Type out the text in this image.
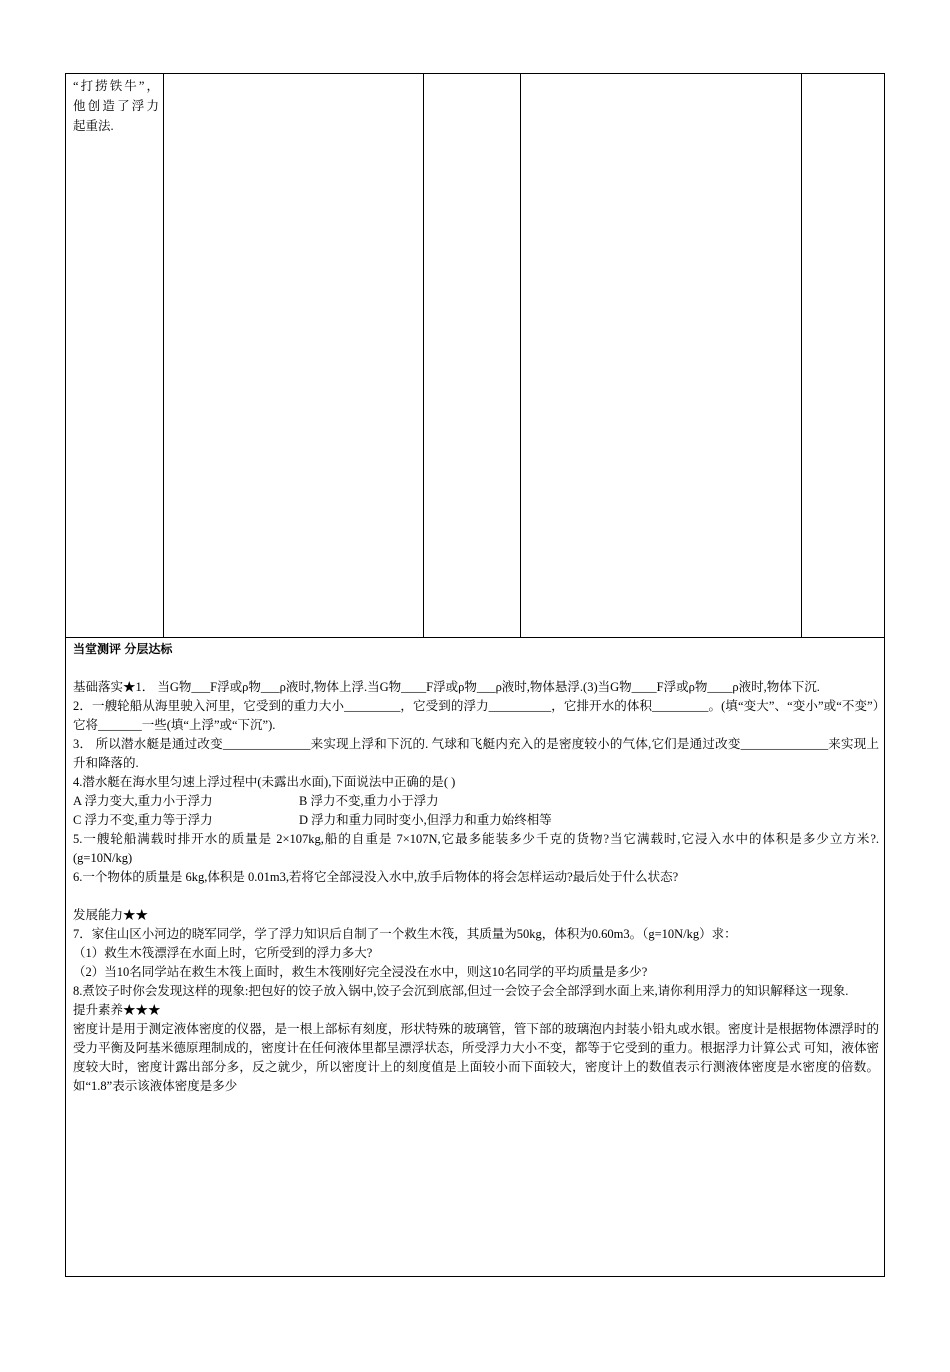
“打捞铁牛”，他创造了浮力起重法.

当堂测评 分层达标

基础落实★1． 当G物___F浮或ρ物___ρ液时,物体上浮.当G物____F浮或ρ物___ρ液时,物体悬浮.(3)当G物____F浮或ρ物____ρ液时,物体下沉.

2．一艘轮船从海里驶入河里，它受到的重力大小_________，它受到的浮力__________，它排开水的体积_________。(填“变大”、“变小”或“不变”）它将_______一些(填“上浮”或“下沉”).

3． 所以潜水艇是通过改变______________来实现上浮和下沉的. 气球和飞艇内充入的是密度较小的气体,它们是通过改变______________来实现上升和降落的.

4.潜水艇在海水里匀速上浮过程中(未露出水面),下面说法中正确的是( )

A 浮力变大,重力小于浮力	B 浮力不变,重力小于浮力
C 浮力不变,重力等于浮力	D 浮力和重力同时变小,但浮力和重力始终相等

5.一艘轮船满载时排开水的质量是 2×107kg,船的自重是 7×107N,它最多能装多少千克的货物?当它满载时,它浸入水中的体积是多少立方米?.(g=10N/kg)

6.一个物体的质量是 6kg,体积是 0.01m3,若将它全部浸没入水中,放手后物体的将会怎样运动?最后处于什么状态?

发展能力★★

7．家住山区小河边的晓军同学，学了浮力知识后自制了一个救生木筏，其质量为50kg，体积为0.60m3。（g=10N/kg）求：

（1）救生木筏漂浮在水面上时，它所受到的浮力多大?

（2）当10名同学站在救生木筏上面时，救生木筏刚好完全浸没在水中，则这10名同学的平均质量是多少?

8.煮饺子时你会发现这样的现象:把包好的饺子放入锅中,饺子会沉到底部,但过一会饺子会全部浮到水面上来,请你利用浮力的知识解释这一现象.

提升素养★★★

密度计是用于测定液体密度的仪器，是一根上部标有刻度，形状特殊的玻璃管，管下部的玻璃泡内封装小铅丸或水银。密度计是根据物体漂浮时的受力平衡及阿基米德原理制成的，密度计在任何液体里都呈漂浮状态，所受浮力大小不变，都等于它受到的重力。根据浮力计算公式 可知，液体密度较大时，密度计露出部分多，反之就少，所以密度计上的刻度值是上面较小而下面较大，密度计上的数值表示行测液体密度是水密度的倍数。如“1.8”表示该液体密度是多少
